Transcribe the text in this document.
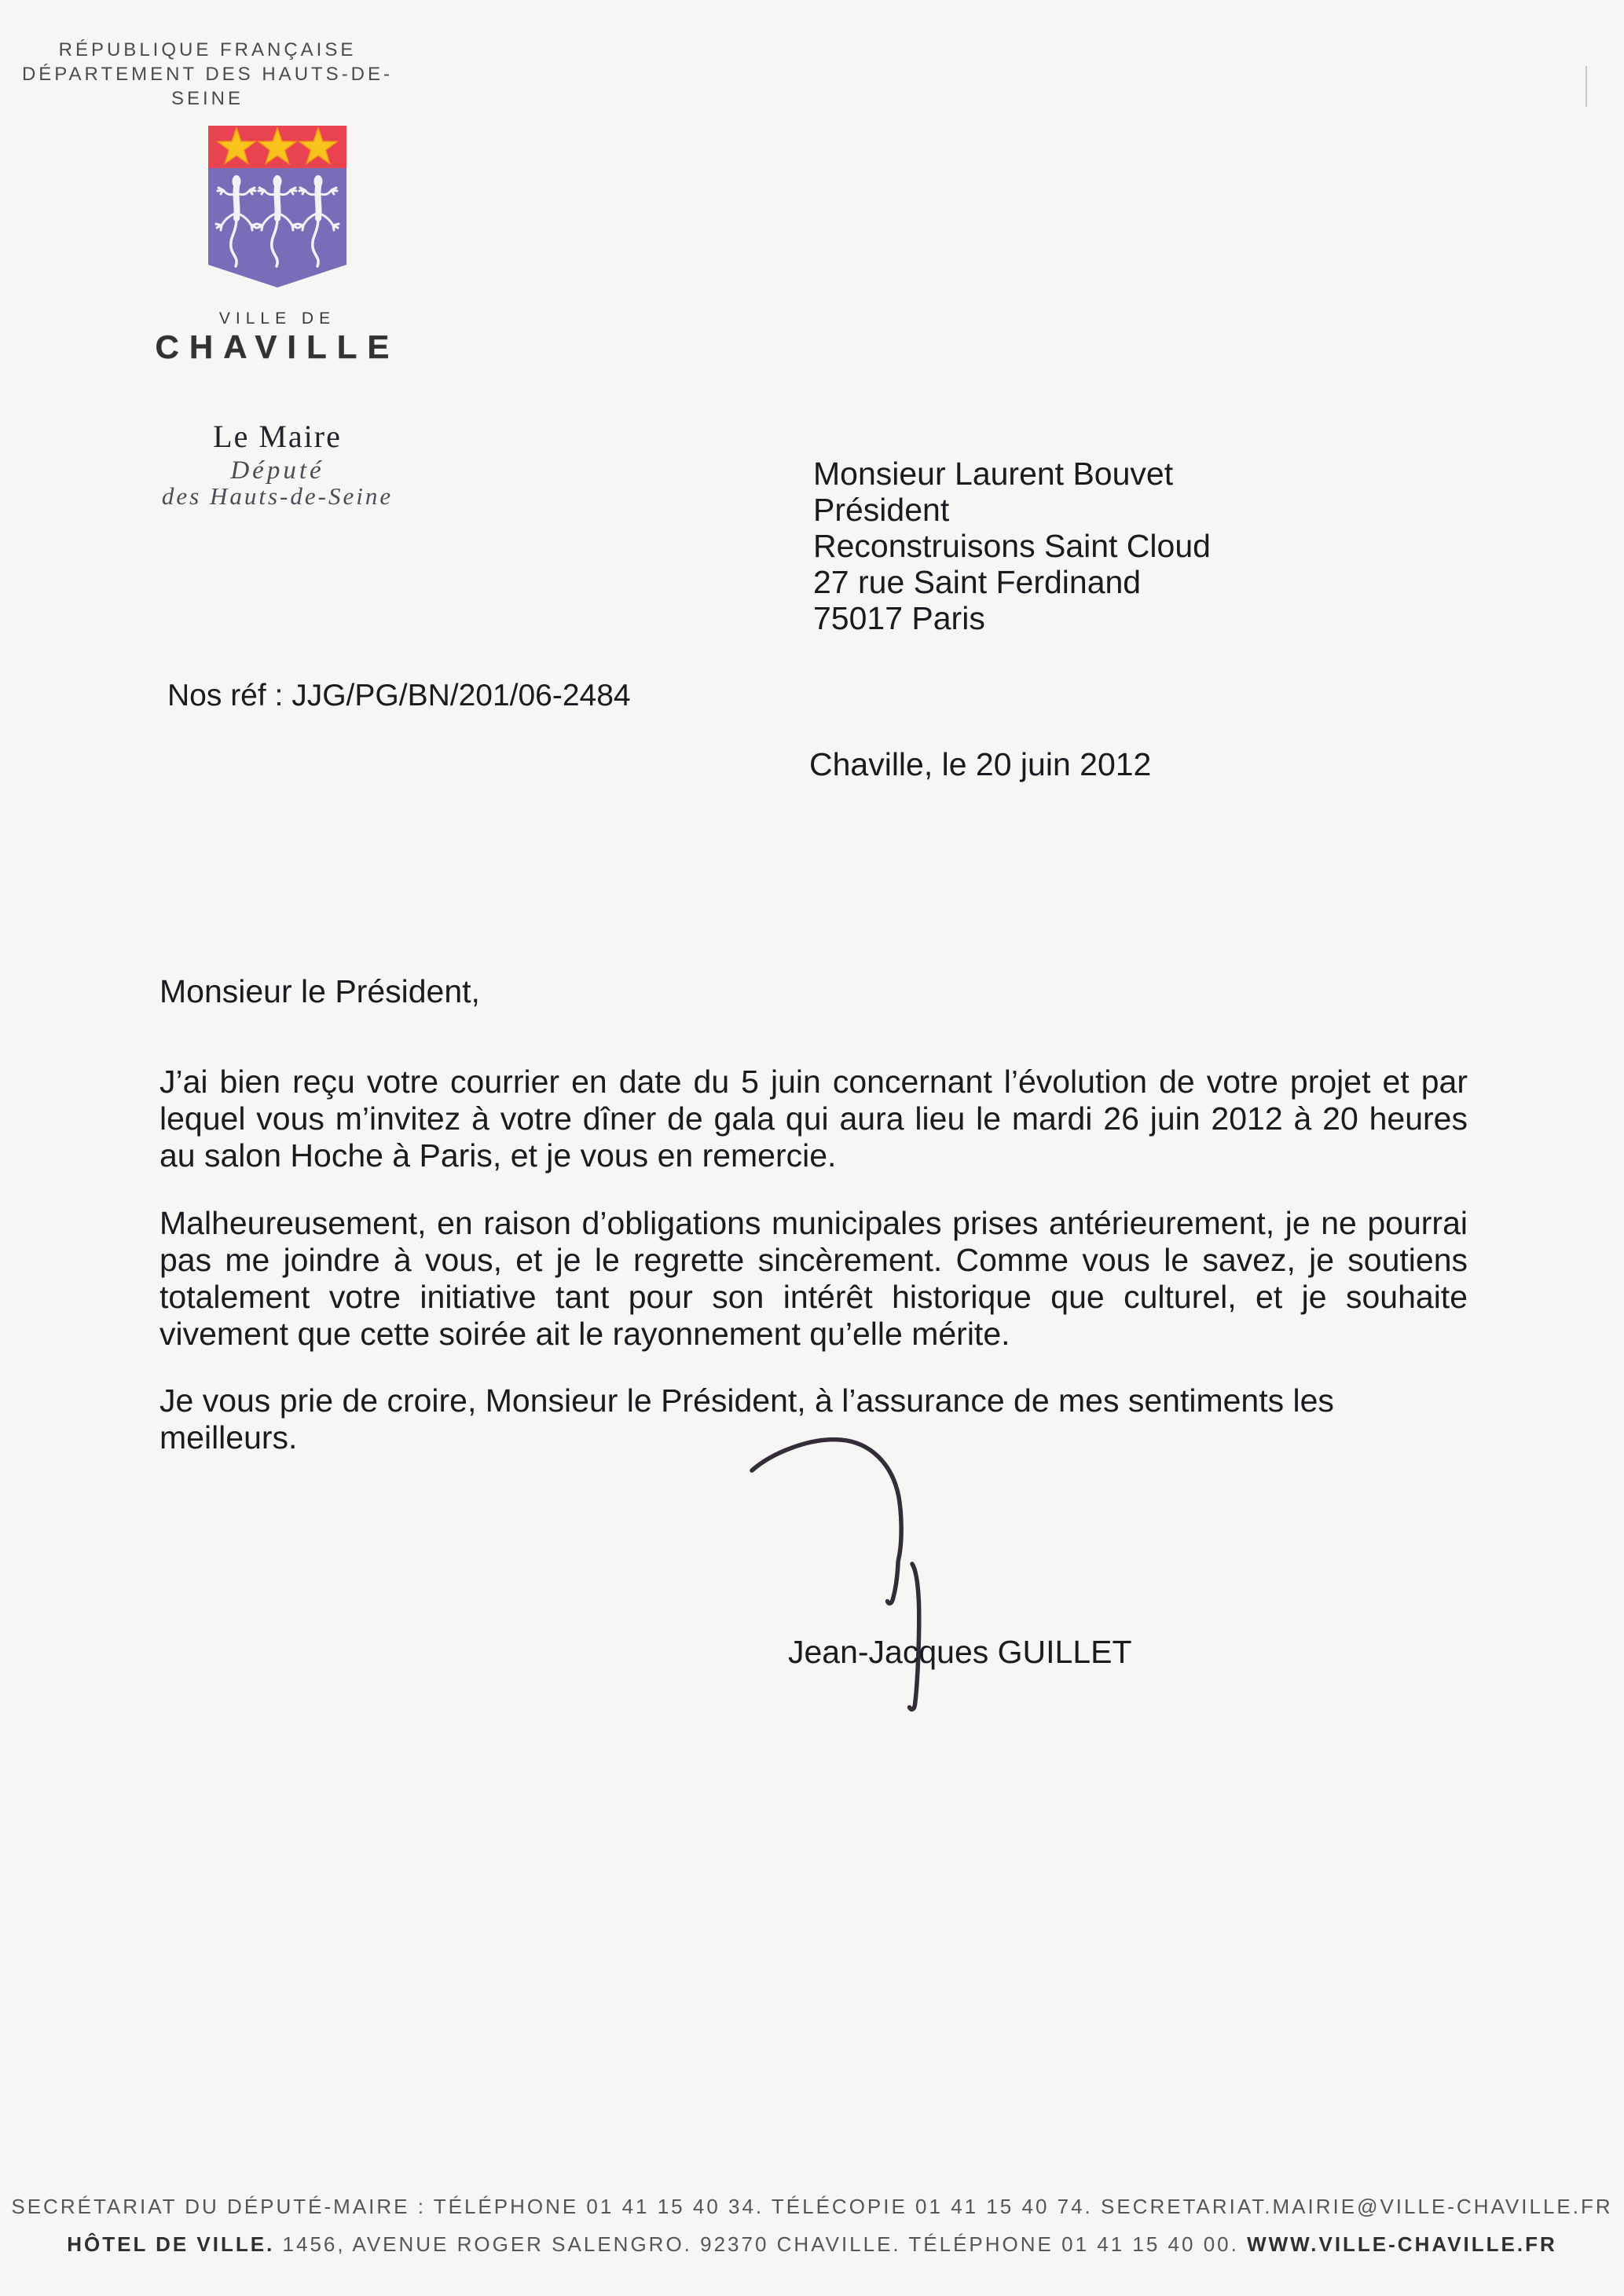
RÉPUBLIQUE FRANÇAISE
DÉPARTEMENT DES HAUTS-DE-SEINE
VILLE DE
CHAVILLE
Le Maire
Député
des Hauts-de-Seine
Monsieur Laurent Bouvet
Président
Reconstruisons Saint Cloud
27 rue Saint Ferdinand
75017 Paris
Nos réf : JJG/PG/BN/201/06-2484
Chaville, le 20 juin 2012
Monsieur le Président,
J’ai bien reçu votre courrier en date du 5 juin concernant l’évolution de votre projet et par lequel vous m’invitez à votre dîner de gala qui aura lieu le mardi 26 juin 2012 à 20 heures au salon Hoche à Paris, et je vous en remercie.
Malheureusement, en raison d’obligations municipales prises antérieurement, je ne pourrai pas me joindre à vous, et je le regrette sincèrement. Comme vous le savez, je soutiens totalement votre initiative tant pour son intérêt historique que culturel, et je souhaite vivement que cette soirée ait le rayonnement qu’elle mérite.
Je vous prie de croire, Monsieur le Président, à l’assurance de mes sentiments les meilleurs.
Jean-Jacques GUILLET
SECRÉTARIAT DU DÉPUTÉ-MAIRE : TÉLÉPHONE 01 41 15 40 34. TÉLÉCOPIE 01 41 15 40 74. SECRETARIAT.MAIRIE@VILLE-CHAVILLE.FR
HÔTEL DE VILLE. 1456, AVENUE ROGER SALENGRO. 92370 CHAVILLE. TÉLÉPHONE 01 41 15 40 00. WWW.VILLE-CHAVILLE.FR
